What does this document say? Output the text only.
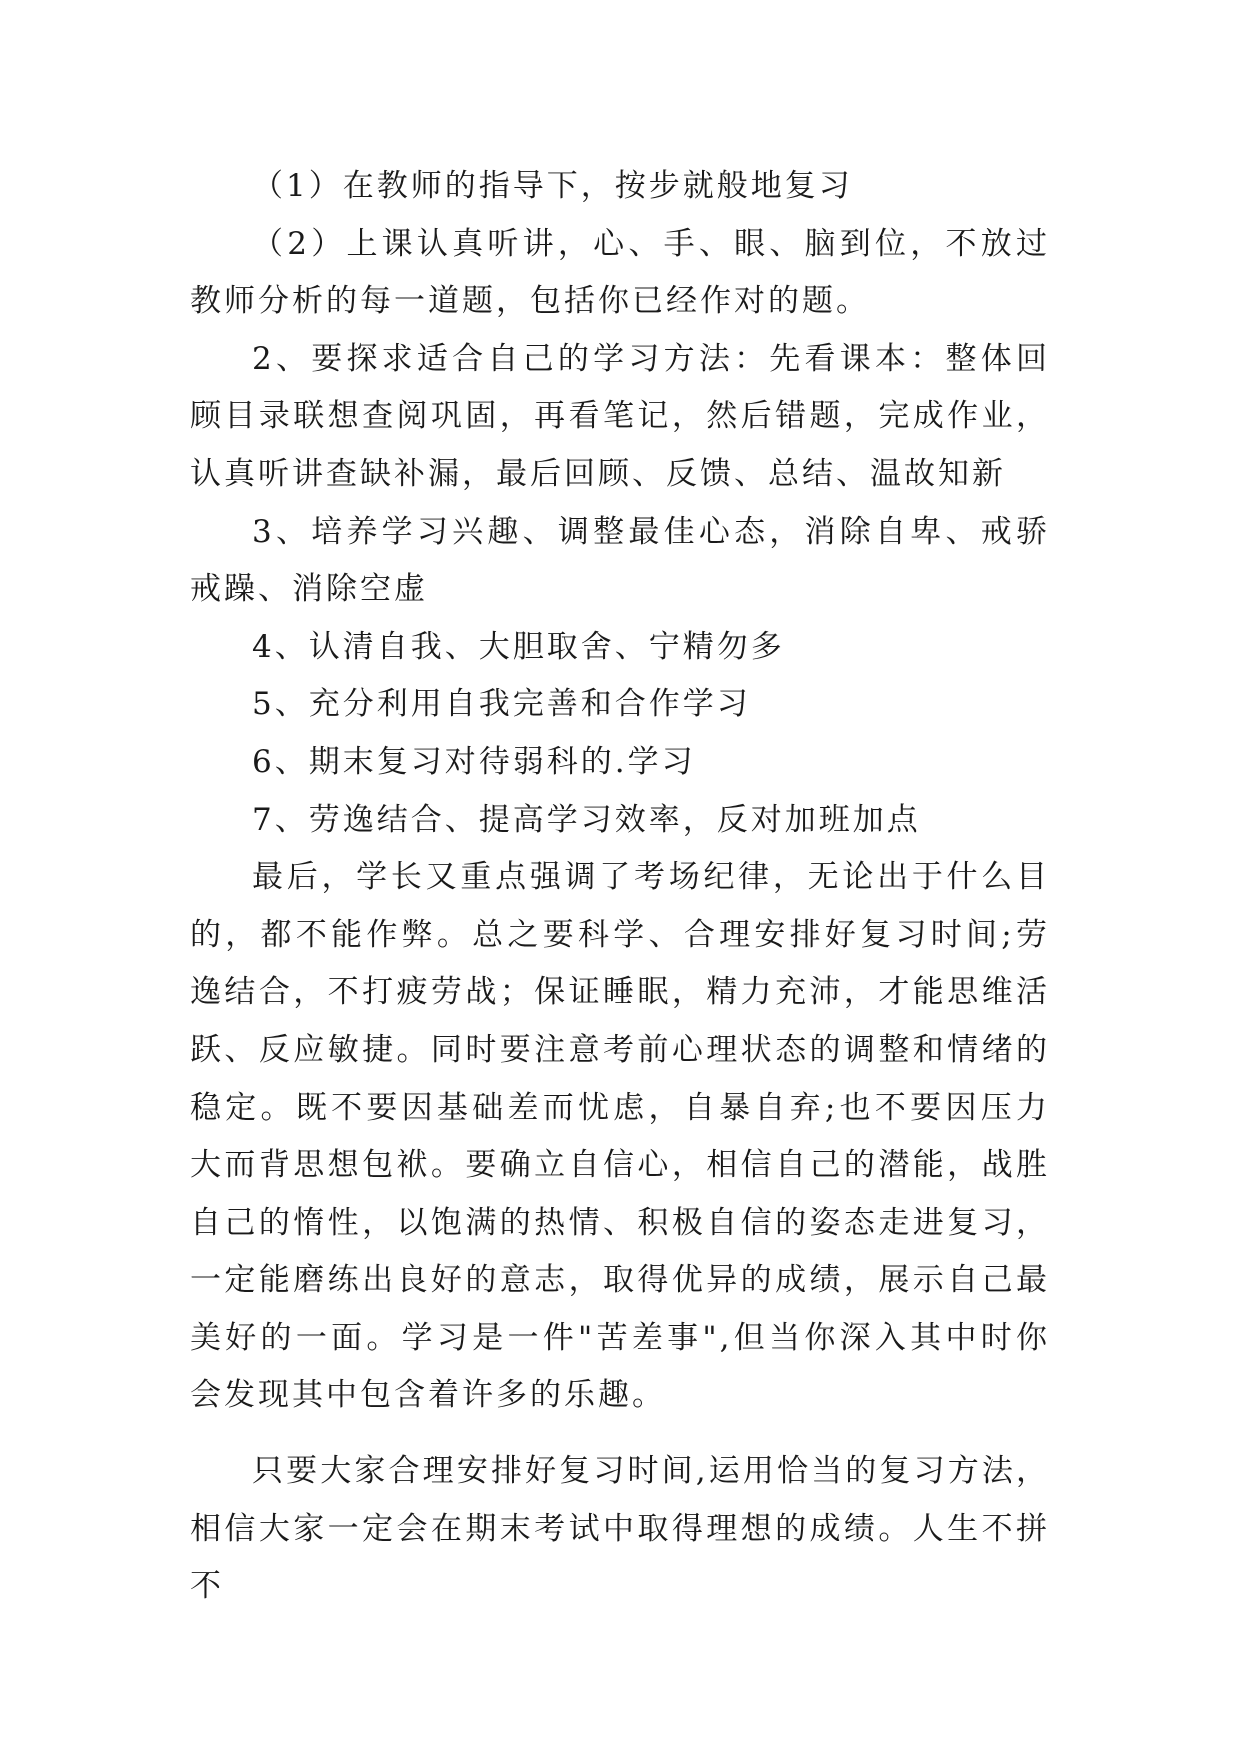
（1）在教师的指导下，按步就般地复习

（2）上课认真听讲，心、手、眼、脑到位，不放过教师分析的每一道题，包括你已经作对的题。

2、要探求适合自己的学习方法：先看课本：整体回顾目录联想查阅巩固，再看笔记，然后错题，完成作业，认真听讲查缺补漏，最后回顾、反馈、总结、温故知新

3、培养学习兴趣、调整最佳心态，消除自卑、戒骄戒躁、消除空虚

4、认清自我、大胆取舍、宁精勿多

5、充分利用自我完善和合作学习

6、期末复习对待弱科的.学习

7、劳逸结合、提高学习效率，反对加班加点

最后，学长又重点强调了考场纪律，无论出于什么目的，都不能作弊。总之要科学、合理安排好复习时间;劳逸结合，不打疲劳战；保证睡眠，精力充沛，才能思维活跃、反应敏捷。同时要注意考前心理状态的调整和情绪的稳定。既不要因基础差而忧虑，自暴自弃;也不要因压力大而背思想包袱。要确立自信心，相信自己的潜能，战胜自己的惰性，以饱满的热情、积极自信的姿态走进复习，一定能磨练出良好的意志，取得优异的成绩，展示自己最美好的一面。学习是一件"苦差事",但当你深入其中时你会发现其中包含着许多的乐趣。

只要大家合理安排好复习时间,运用恰当的复习方法，相信大家一定会在期末考试中取得理想的成绩。人生不拼不
